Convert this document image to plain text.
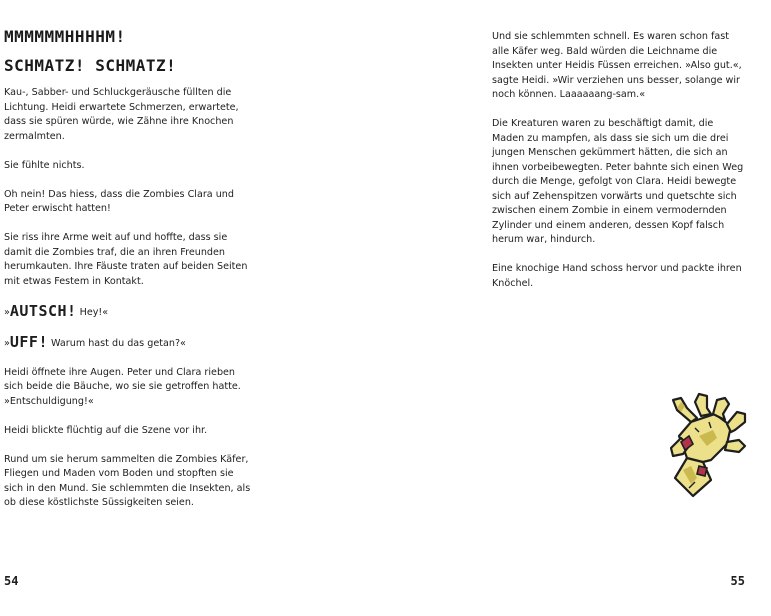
MMMMMMHHHHM!
SCHMATZ! SCHMATZ!

Kau-, Sabber- und Schluckgeräusche füllten die Lichtung. Heidi erwartete Schmerzen, erwartete, dass sie spüren würde, wie Zähne ihre Knochen zermalmten.

Sie fühlte nichts.

Oh nein! Das hiess, dass die Zombies Clara und Peter erwischt hatten!

Sie riss ihre Arme weit auf und hoffte, dass sie damit die Zombies traf, die an ihren Freunden herumkauten. Ihre Fäuste traten auf beiden Seiten mit etwas Festem in Kontakt.

»AUTSCH! Hey!«

»UFF! Warum hast du das getan?«

Heidi öffnete ihre Augen. Peter und Clara rieben sich beide die Bäuche, wo sie sie getroffen hatte. »Entschuldigung!«

Heidi blickte flüchtig auf die Szene vor ihr.

Rund um sie herum sammelten die Zombies Käfer, Fliegen und Maden vom Boden und stopften sie sich in den Mund. Sie schlemmten die Insekten, als ob diese köstlichste Süssigkeiten seien.

54

Und sie schlemmten schnell. Es waren schon fast alle Käfer weg. Bald würden die Leichname die Insekten unter Heidis Füssen erreichen. »Also gut.«, sagte Heidi. »Wir verziehen uns besser, solange wir noch können. Laaaaaang-sam.«

Die Kreaturen waren zu beschäftigt damit, die Maden zu mampfen, als dass sie sich um die drei jungen Menschen gekümmert hätten, die sich an ihnen vorbeibewegten. Peter bahnte sich einen Weg durch die Menge, gefolgt von Clara. Heidi bewegte sich auf Zehenspitzen vorwärts und quetschte sich zwischen einem Zombie in einem vermodernden Zylinder und einem anderen, dessen Kopf falsch herum war, hindurch.

Eine knochige Hand schoss hervor und packte ihren Knöchel.

55
